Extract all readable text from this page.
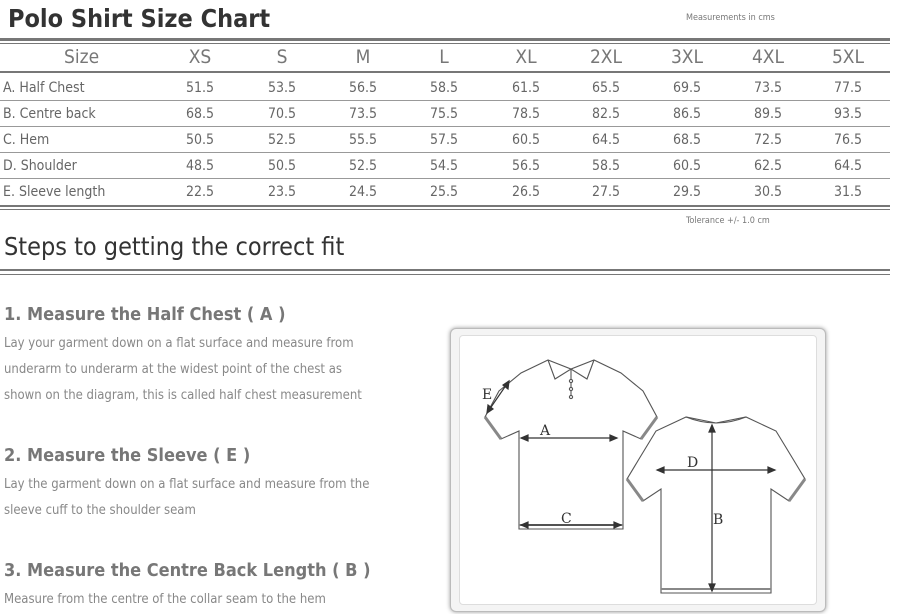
Polo Shirt Size Chart	Measurements in cms
Size	XS	S	M	L	XL	2XL	3XL	4XL	5XL
A. Half Chest	51.5	53.5	56.5	58.5	61.5	65.5	69.5	73.5	77.5
B. Centre back	68.5	70.5	73.5	75.5	78.5	82.5	86.5	89.5	93.5
C. Hem	50.5	52.5	55.5	57.5	60.5	64.5	68.5	72.5	76.5
D. Shoulder	48.5	50.5	52.5	54.5	56.5	58.5	60.5	62.5	64.5
E. Sleeve length	22.5	23.5	24.5	25.5	26.5	27.5	29.5	30.5	31.5
Tolerance +/- 1.0 cm
Steps to getting the correct fit
1. Measure the Half Chest ( A )
Lay your garment down on a flat surface and measure from
underarm to underarm at the widest point of the chest as
shown on the diagram, this is called half chest measurement
2. Measure the Sleeve ( E )
Lay the garment down on a flat surface and measure from the
sleeve cuff to the shoulder seam
3. Measure the Centre Back Length ( B )
Measure from the centre of the collar seam to the hem
A
B
C
D
E
